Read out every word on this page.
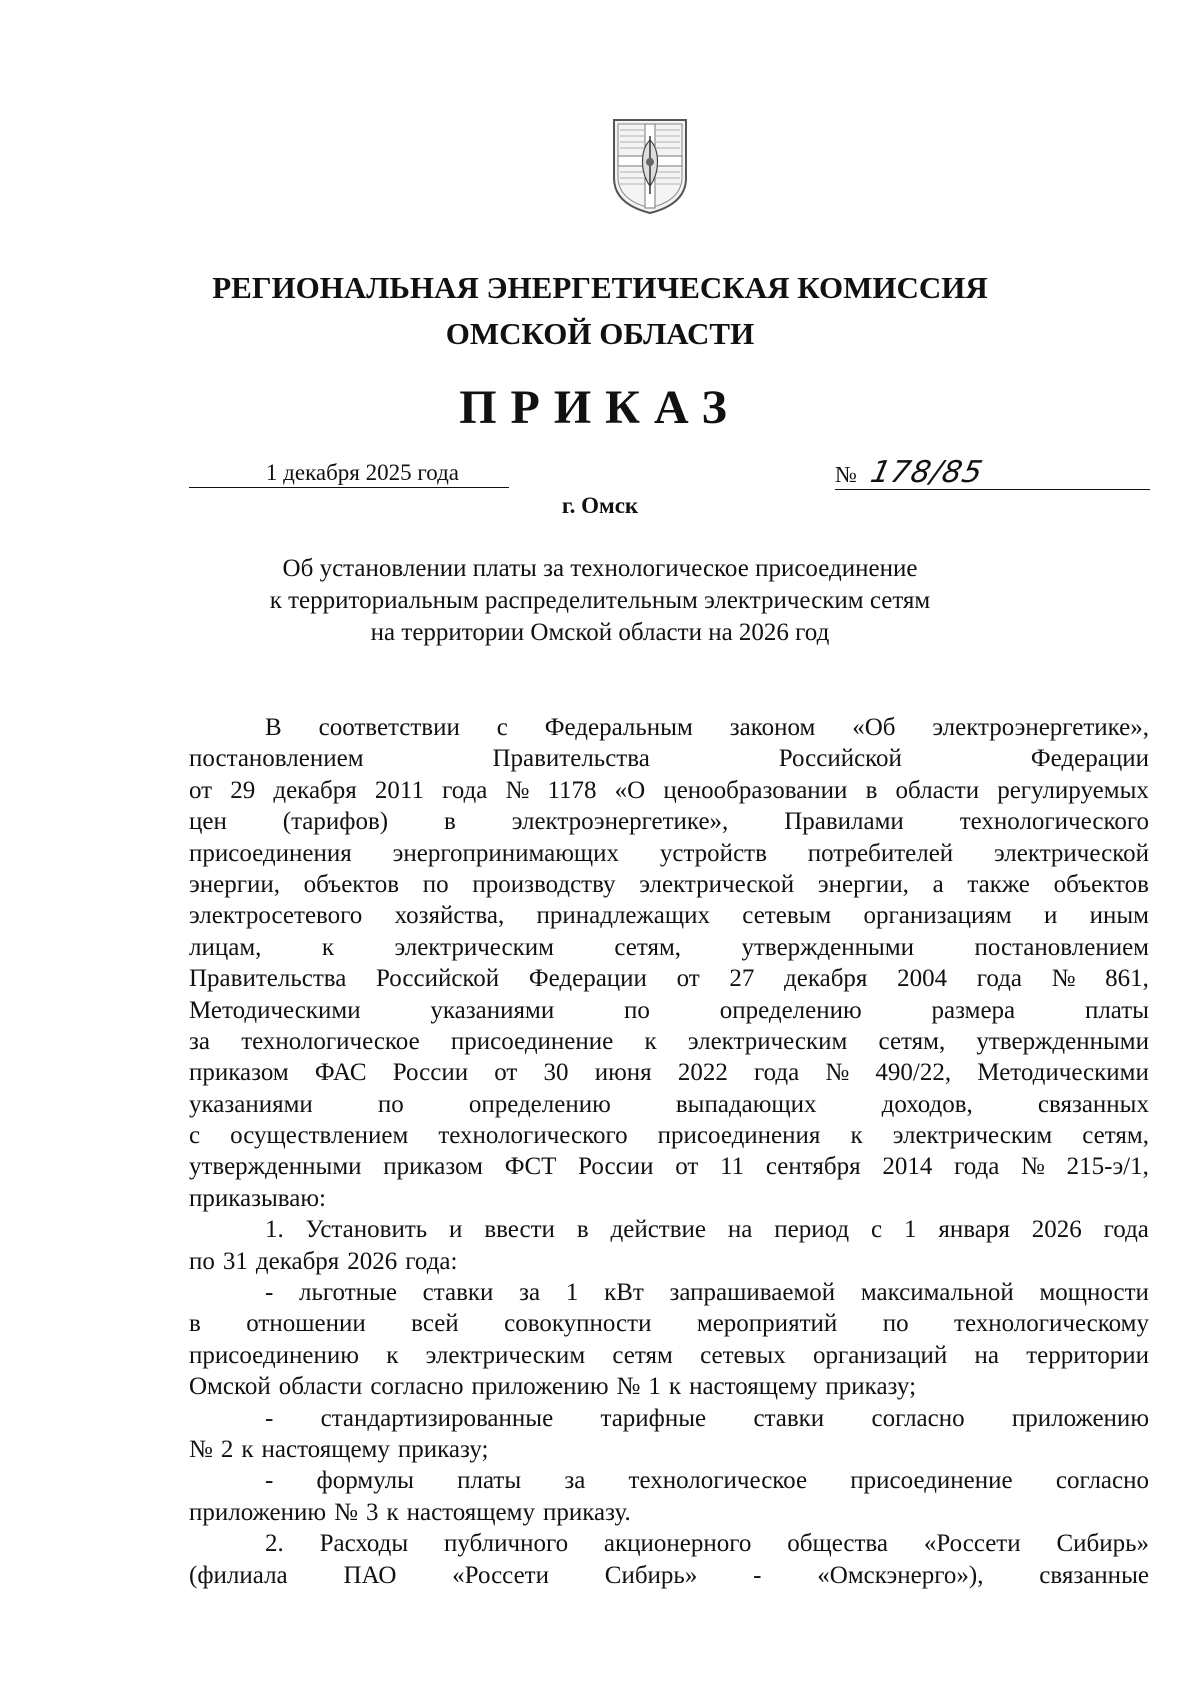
РЕГИОНАЛЬНАЯ ЭНЕРГЕТИЧЕСКАЯ КОМИССИЯ
ОМСКОЙ ОБЛАСТИ
ПРИКАЗ
1 декабря 2025 года	№ 178/85
г. Омск
Об установлении платы за технологическое присоединение
к территориальным распределительным электрическим сетям
на территории Омской области на 2026 год
В соответствии с Федеральным законом «Об электроэнергетике»,
постановлением	Правительства	Российской	Федерации
от 29 декабря 2011 года № 1178 «О ценообразовании в области регулируемых
цен (тарифов) в электроэнергетике», Правилами технологического
присоединения энергопринимающих устройств потребителей электрической
энергии, объектов по производству электрической энергии, а также объектов
электросетевого хозяйства, принадлежащих сетевым организациям и иным
лицам, к электрическим сетям, утвержденными постановлением
Правительства Российской Федерации от 27 декабря 2004 года № 861,
Методическими	указаниями	по	определению	размера	платы
за технологическое присоединение к электрическим сетям, утвержденными
приказом ФАС России от 30 июня 2022 года № 490/22, Методическими
указаниями	по	определению	выпадающих	доходов,	связанных
с осуществлением технологического присоединения к электрическим сетям,
утвержденными приказом ФСТ России от 11 сентября 2014 года № 215-э/1,
приказываю:
1. Установить и ввести в действие на период с 1 января 2026 года
по 31 декабря 2026 года:
- льготные ставки за 1 кВт запрашиваемой максимальной мощности
в отношении всей совокупности мероприятий по технологическому
присоединению к электрическим сетям сетевых организаций на территории
Омской области согласно приложению № 1 к настоящему приказу;
- стандартизированные тарифные ставки согласно приложению
№ 2 к настоящему приказу;
- формулы платы за технологическое присоединение согласно
приложению № 3 к настоящему приказу.
2. Расходы публичного акционерного общества «Россети Сибирь»
(филиала ПАО «Россети Сибирь» - «Омскэнерго»), связанные
